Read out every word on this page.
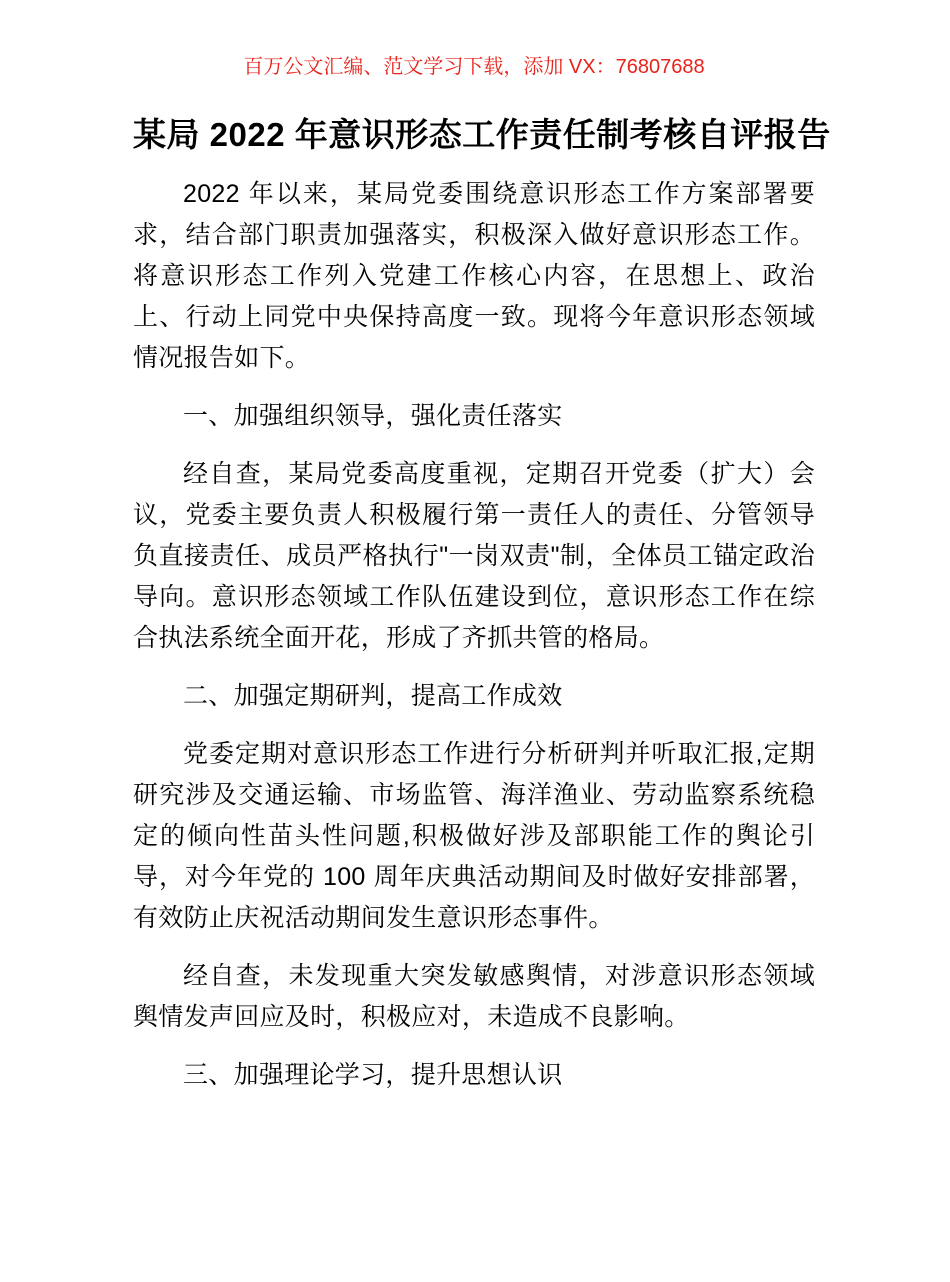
百万公文汇编、范文学习下载，添加 VX：76807688
某局 2022 年意识形态工作责任制考核自评报告

2022 年以来，某局党委围绕意识形态工作方案部署要求，结合部门职责加强落实，积极深入做好意识形态工作。将意识形态工作列入党建工作核心内容，在思想上、政治上、行动上同党中央保持高度一致。现将今年意识形态领域情况报告如下。

一、加强组织领导，强化责任落实

经自查，某局党委高度重视，定期召开党委（扩大）会议，党委主要负责人积极履行第一责任人的责任、分管领导负直接责任、成员严格执行"一岗双责"制，全体员工锚定政治导向。意识形态领域工作队伍建设到位，意识形态工作在综合执法系统全面开花，形成了齐抓共管的格局。

二、加强定期研判，提高工作成效

党委定期对意识形态工作进行分析研判并听取汇报,定期研究涉及交通运输、市场监管、海洋渔业、劳动监察系统稳定的倾向性苗头性问题,积极做好涉及部职能工作的舆论引导，对今年党的 100 周年庆典活动期间及时做好安排部署，有效防止庆祝活动期间发生意识形态事件。

经自查，未发现重大突发敏感舆情，对涉意识形态领域舆情发声回应及时，积极应对，未造成不良影响。

三、加强理论学习，提升思想认识
